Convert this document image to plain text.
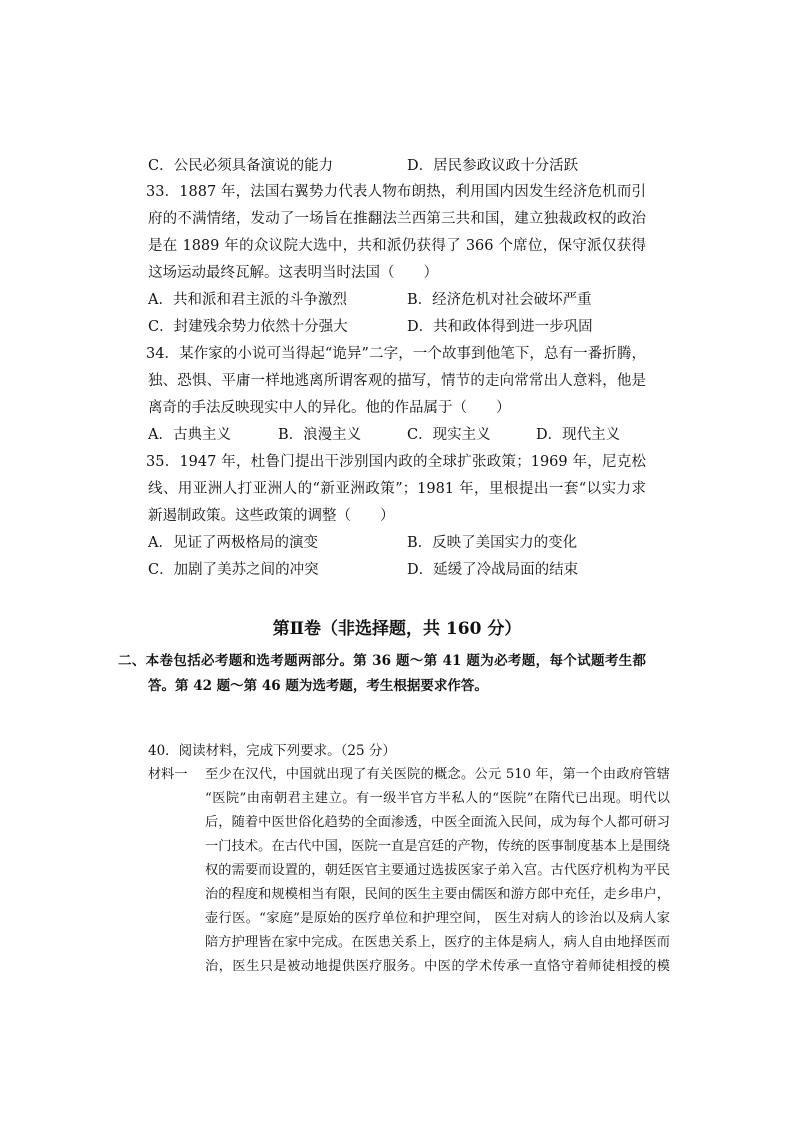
C．公民必须具备演说的能力	D．居民参政议政十分活跃
33．1887 年，法国右翼势力代表人物布朗热，利用国内因发生经济危机而引
府的不满情绪，发动了一场旨在推翻法兰西第三共和国，建立独裁政权的政治
是在 1889 年的众议院大选中，共和派仍获得了 366 个席位，保守派仅获得
这场运动最终瓦解。这表明当时法国（　　）
A．共和派和君主派的斗争激烈	B．经济危机对社会破坏严重
C．封建残余势力依然十分强大	D．共和政体得到进一步巩固
34．某作家的小说可当得起“诡异”二字，一个故事到他笔下，总有一番折腾，
独、恐惧、平庸一样地逃离所谓客观的描写，情节的走向常常出人意料，他是
离奇的手法反映现实中人的异化。他的作品属于（　　）
A．古典主义	B．浪漫主义	C．现实主义	D．现代主义
35．1947 年，杜鲁门提出干涉别国内政的全球扩张政策；1969 年，尼克松
线、用亚洲人打亚洲人的“新亚洲政策”；1981 年，里根提出一套“以实力求
新遏制政策。这些政策的调整（　　）
A．见证了两极格局的演变	B．反映了美国实力的变化
C．加剧了美苏之间的冲突	D．延缓了冷战局面的结束
第Ⅱ卷（非选择题，共 160 分）
二、本卷包括必考题和选考题两部分。第 36 题～第 41 题为必考题，每个试题考生都
答。第 42 题～第 46 题为选考题，考生根据要求作答。
40．阅读材料，完成下列要求。（25 分）
材料一 至少在汉代，中国就出现了有关医院的概念。公元 510 年，第一个由政府管辖
“医院”由南朝君主建立。有一级半官方半私人的“医院”在隋代已出现。明代以
后，随着中医世俗化趋势的全面渗透，中医全面流入民间，成为每个人都可研习
一门技术。在古代中国，医院一直是宫廷的产物，传统的医事制度基本上是围绕
权的需要而设置的，朝廷医官主要通过选拔医家子弟入宫。古代医疗机构为平民
治的程度和规模相当有限，民间的医生主要由儒医和游方郎中充任，走乡串户，
壶行医。“家庭”是原始的医疗单位和护理空间， 医生对病人的诊治以及病人家
陪方护理皆在家中完成。在医患关系上，医疗的主体是病人，病人自由地择医而
治，医生只是被动地提供医疗服务。中医的学术传承一直恪守着师徒相授的模
